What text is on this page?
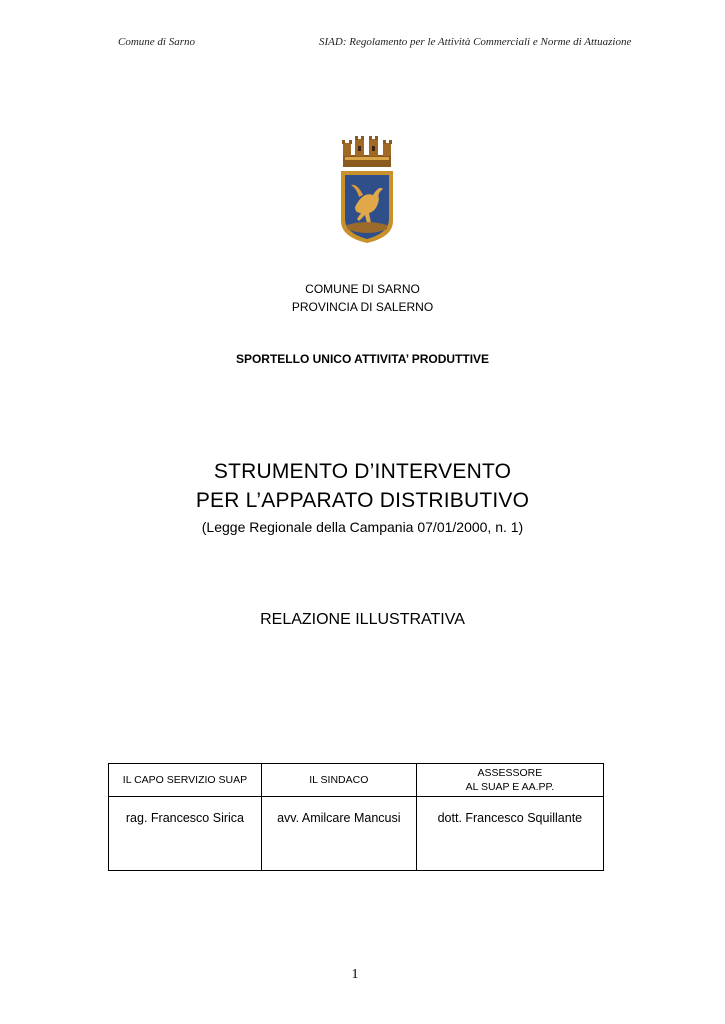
Comune di Sarno	SIAD: Regolamento per le Attività Commerciali e Norme di Attuazione
COMUNE DI SARNO
PROVINCIA DI SALERNO
SPORTELLO UNICO ATTIVITA’ PRODUTTIVE
STRUMENTO D’INTERVENTO
PER L’APPARATO DISTRIBUTIVO
(Legge Regionale della Campania 07/01/2000, n. 1)
RELAZIONE ILLUSTRATIVA
IL CAPO SERVIZIO SUAP	IL SINDACO	ASSESSORE
AL SUAP E AA.PP.
rag. Francesco Sirica	avv. Amilcare Mancusi	dott. Francesco Squillante
1
